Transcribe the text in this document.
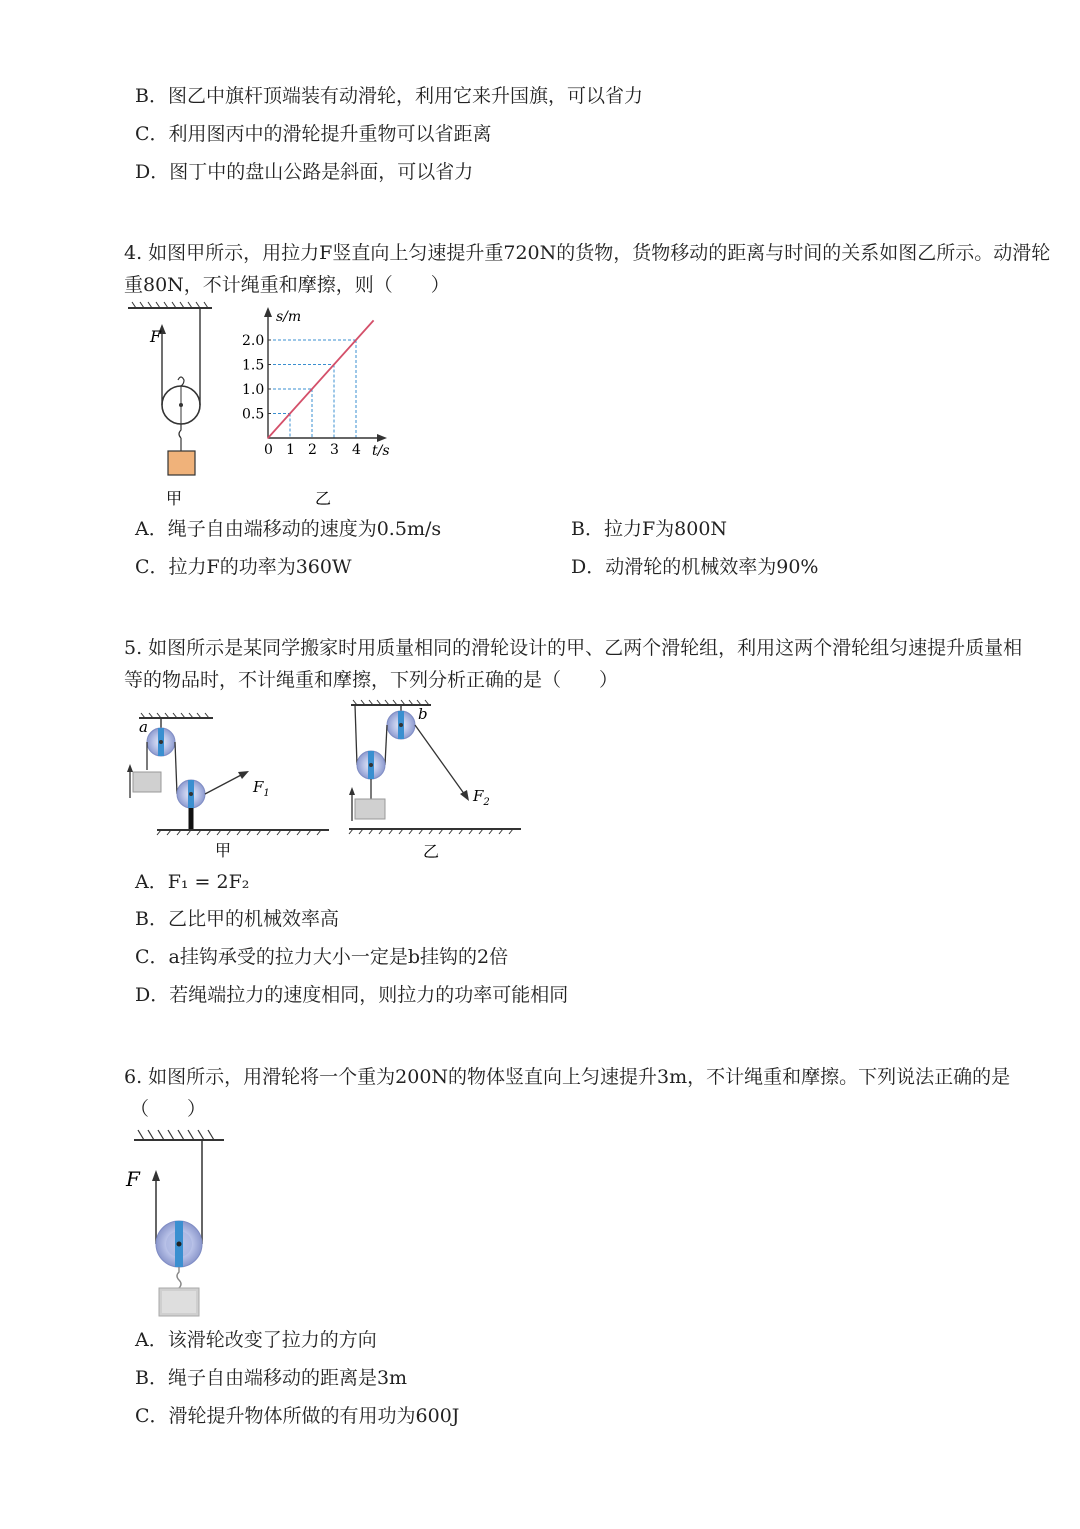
B．图乙中旗杆顶端装有动滑轮，利用它来升国旗，可以省力
C．利用图丙中的滑轮提升重物可以省距离
D．图丁中的盘山公路是斜面，可以省力
4. 如图甲所示，用拉力F竖直向上匀速提升重720N的货物，货物移动的距离与时间的关系如图乙所示。动滑轮
重80N，不计绳重和摩擦，则（　　）
F
甲
0 1 2 3 4
0.5
1.0
1.5
2.0
s/m
t/s
乙
A．绳子自由端移动的速度为0.5m/s	B．拉力F为800N
C．拉力F的功率为360W	D．动滑轮的机械效率为90%
5. 如图所示是某同学搬家时用质量相同的滑轮设计的甲、乙两个滑轮组，利用这两个滑轮组匀速提升质量相
等的物品时，不计绳重和摩擦，下列分析正确的是（　　）
a
$F_1$
甲
b
$F_2$
乙
A．F₁ = 2F₂
B．乙比甲的机械效率高
C．a挂钩承受的拉力大小一定是b挂钩的2倍
D．若绳端拉力的速度相同，则拉力的功率可能相同
6. 如图所示，用滑轮将一个重为200N的物体竖直向上匀速提升3m，不计绳重和摩擦。下列说法正确的是
（　　）
F
A．该滑轮改变了拉力的方向
B．绳子自由端移动的距离是3m
C．滑轮提升物体所做的有用功为600J
